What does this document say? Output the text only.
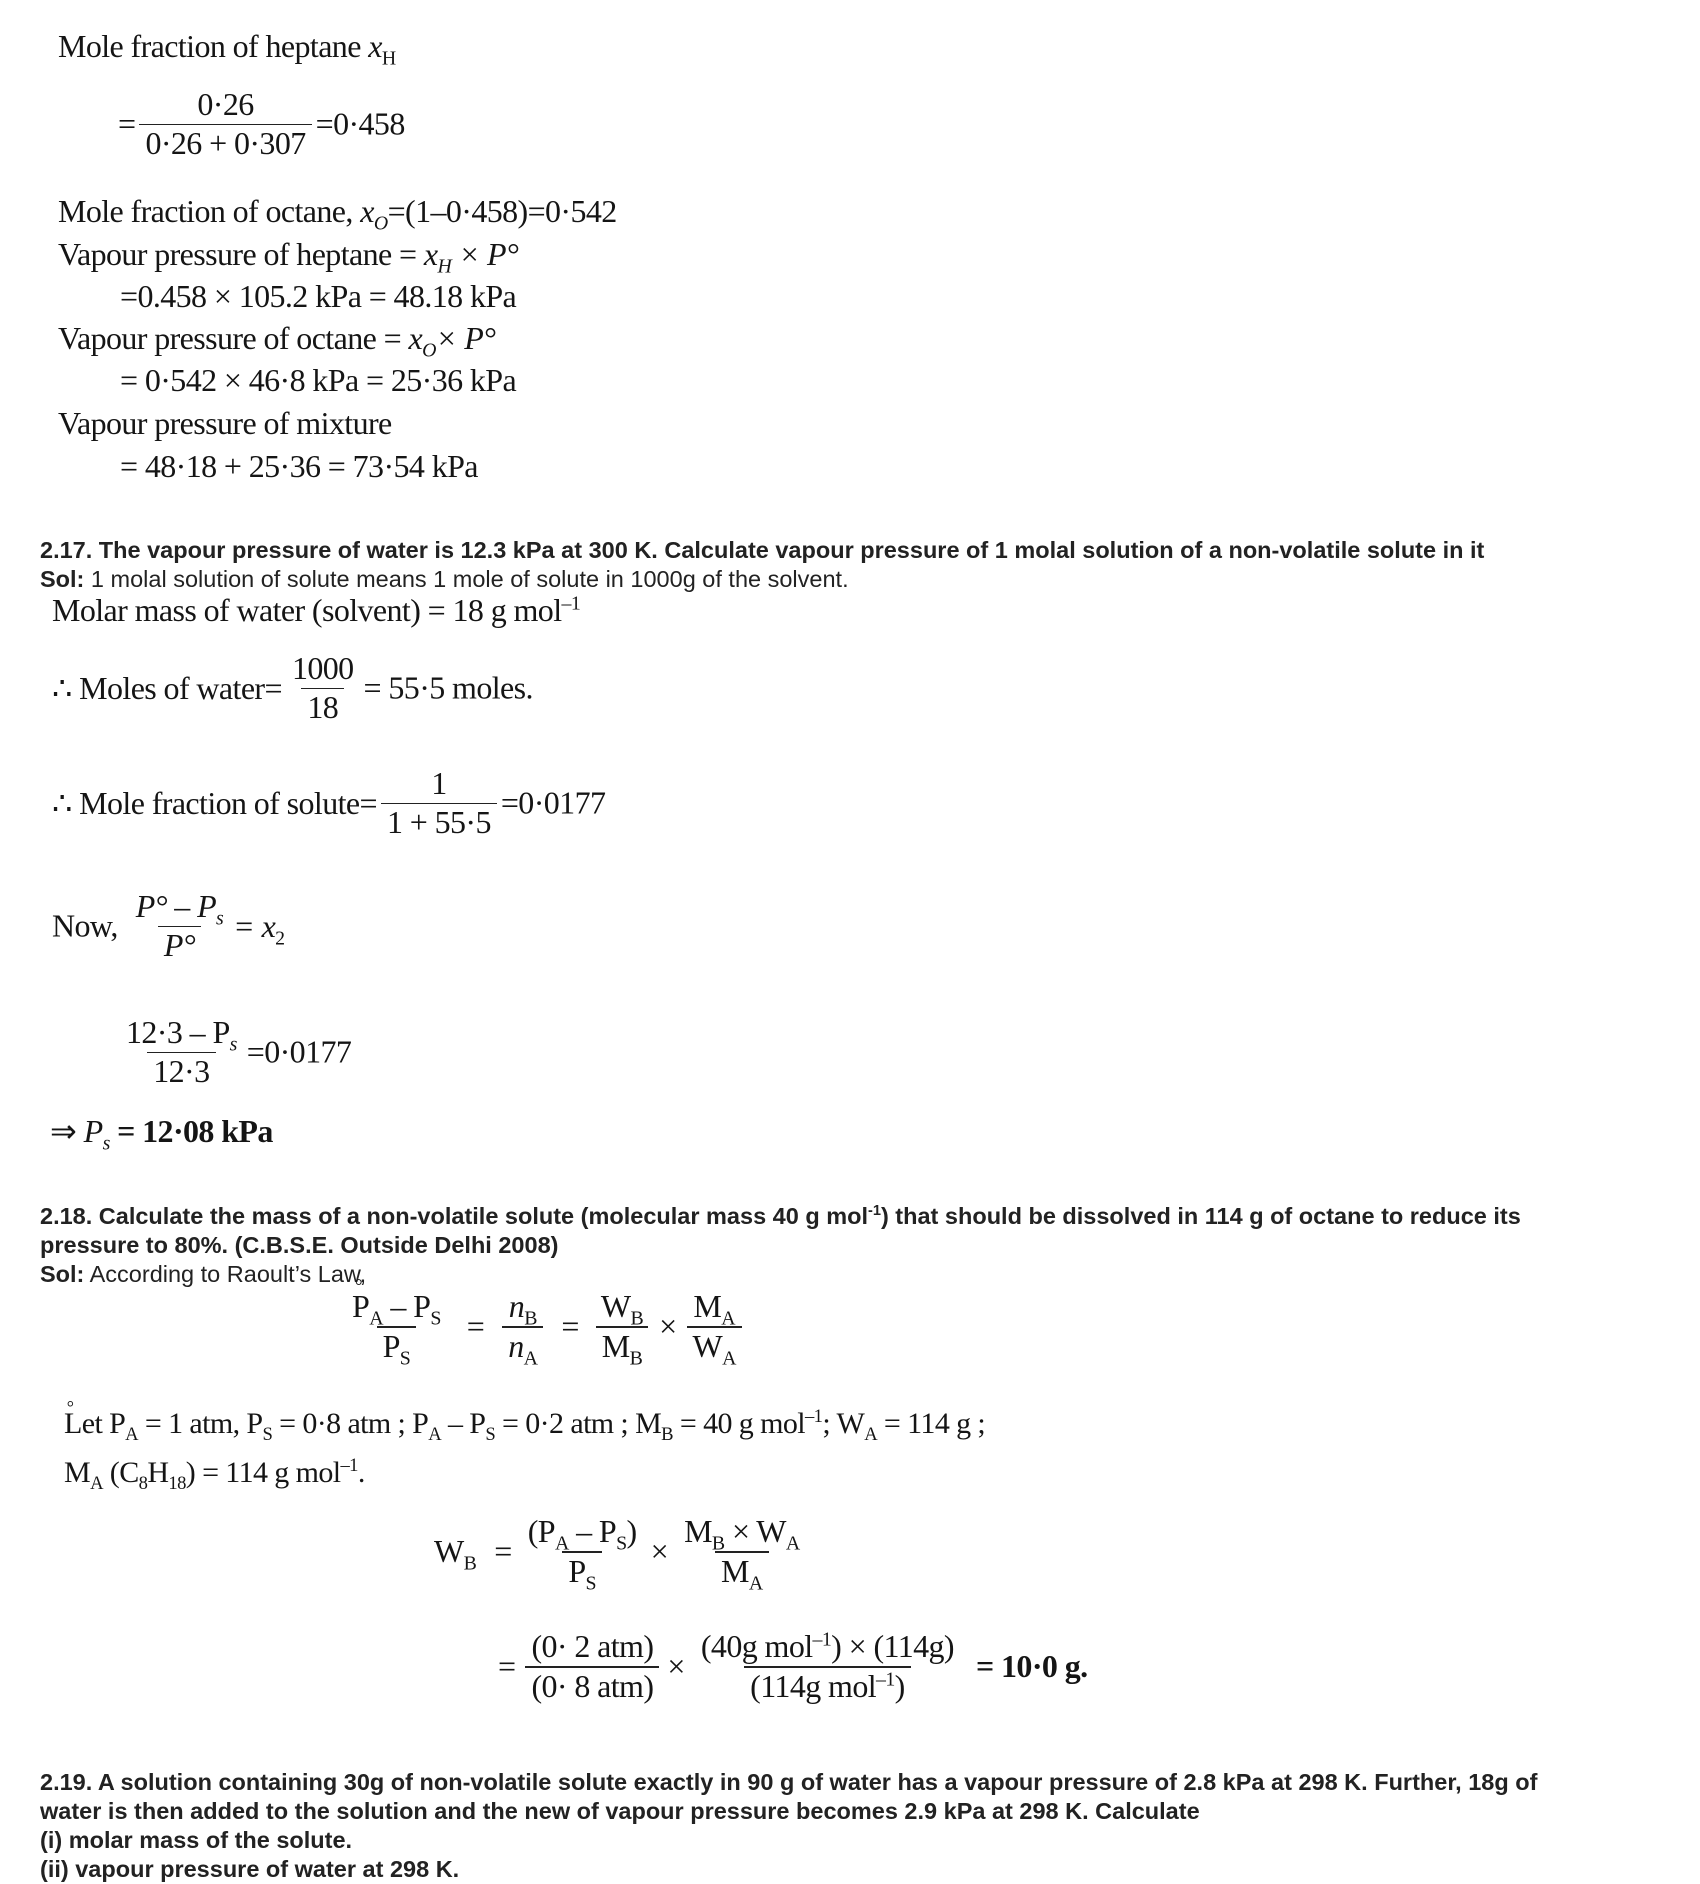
Mole fraction of heptane $x_H$
= $\frac{0\cdot 26}{0\cdot 26 + 0\cdot 307} =0\cdot 458$
Mole fraction of octane, $x_O=(1-0\cdot 458)=0\cdot 542$
Vapour pressure of $heptane = x_H \times P^\circ$
=0.458 × 105.2 kPa = 48.18 kPa
Vapour pressure of $octane = x_O\times P^\circ$
= 0·542 × 46·8 kPa = 25·36 kPa
Vapour pressure of mixture
= 48·18 + 25·36 = 73·54 kPa
2.17. The vapour pressure of water is 12.3 kPa at 300 K. Calculate vapour pressure of 1 molal solution of a non-volatile solute in it
Sol: 1 molal solution of solute means 1 mole of solute in 1000g of the solvent.
Molar mass of water (solvent) = 18 g mol$^{-1}$
∴ Moles of water= $\frac{1000}{18} = 55\cdot 5$ moles.
∴ Mole fraction of solute= $\frac{1}{1 + 55\cdot 5} =0\cdot 0177$
Now, $\frac{P^\circ - P_s}{P^\circ} = x_2$
$\frac{12\cdot 3 - P_s}{12\cdot 3} =0\cdot 0177$
⇒ $P_s = 12\cdot 08$ kPa
2.18. Calculate the mass of a non-volatile solute (molecular mass 40 g mol$^{-1}$) that should be dissolved in 114 g of octane to reduce its
pressure to 80%. (C.B.S.E. Outside Delhi 2008)
Sol: According to Raoult’s Law,
$\frac{P ^\circ_A - P_S}{P_S} = \frac{n_B}{n_A} = \frac{W_B}{M_B} \times \frac{M_A}{W_A}$
Let P $^\circ_A = 1$ atm, $P_S = 0\cdot 8$ atm ; $P_A - P_S = 0\cdot 2$ atm ; $M_B = 40$ g mol$^{-1}$; $W_A = 114$ g ;
$M_A$ $(C_8H_{18}) = 114$ g mol$^{-1}$.
$W_B = \frac{(P_A - P_S)}{P_S} \times \frac{M_B \times W_A}{M_A}$
= $\frac{\text{(0· 2 atm)}}{\text{(0· 8 atm)}} \times \frac{(40g mol^{-1}) \times (114g)}{(114g mol^{-1})} = 10\cdot 0$ g.
2.19. A solution containing 30g of non-volatile solute exactly in 90 g of water has a vapour pressure of 2.8 kPa at 298 K. Further, 18g of
water is then added to the solution and the new of vapour pressure becomes 2.9 kPa at 298 K. Calculate
(i) molar mass of the solute.
(ii) vapour pressure of water at 298 K.
